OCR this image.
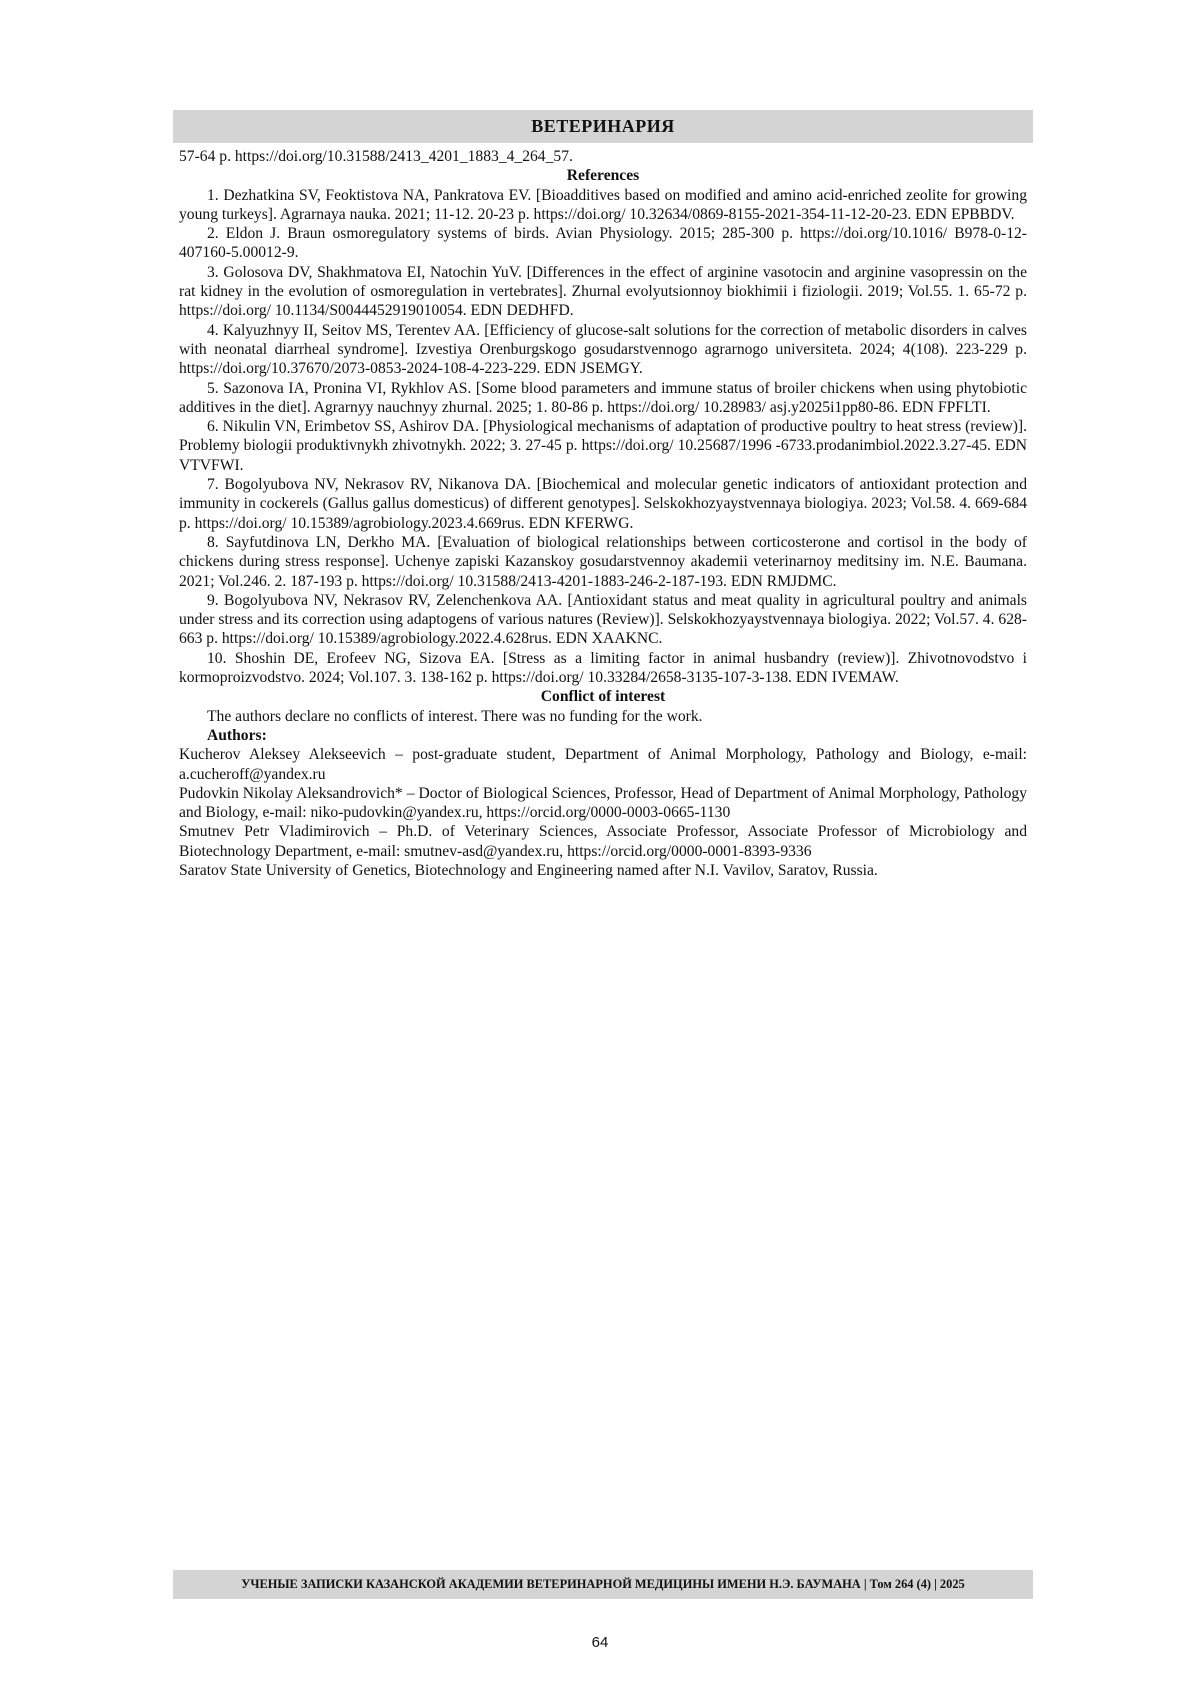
ВЕТЕРИНАРИЯ

57-64 p. https://doi.org/10.31588/2413_4201_1883_4_264_57.

References

1. Dezhatkina SV, Feoktistova NA, Pankratova EV. [Bioadditives based on modified and amino acid-enriched zeolite for growing young turkeys]. Agrarnaya nauka. 2021; 11-12. 20-23 p. https://doi.org/ 10.32634/0869-8155-2021-354-11-12-20-23. EDN EPBBDV.

2. Eldon J. Braun osmoregulatory systems of birds. Avian Physiology. 2015; 285-300 p. https://doi.org/10.1016/ B978-0-12-407160-5.00012-9.

3. Golosova DV, Shakhmatova EI, Natochin YuV. [Differences in the effect of arginine vasotocin and arginine vasopressin on the rat kidney in the evolution of osmoregulation in vertebrates]. Zhurnal evolyutsionnoy biokhimii i fiziologii. 2019; Vol.55. 1. 65-72 p. https://doi.org/ 10.1134/S0044452919010054. EDN DEDHFD.

4. Kalyuzhnyy II, Seitov MS, Terentev AA. [Efficiency of glucose-salt solutions for the correction of metabolic disorders in calves with neonatal diarrheal syndrome]. Izvestiya Orenburgskogo gosudarstvennogo agrarnogo universiteta. 2024; 4(108). 223-229 p. https://doi.org/10.37670/2073-0853-2024-108-4-223-229. EDN JSEMGY.

5. Sazonova IA, Pronina VI, Rykhlov AS. [Some blood parameters and immune status of broiler chickens when using phytobiotic additives in the diet]. Agrarnyy nauchnyy zhurnal. 2025; 1. 80-86 p. https://doi.org/ 10.28983/ asj.y2025i1pp80-86. EDN FPFLTI.

6. Nikulin VN, Erimbetov SS, Ashirov DA. [Physiological mechanisms of adaptation of productive poultry to heat stress (review)]. Problemy biologii produktivnykh zhivotnykh. 2022; 3. 27-45 p. https://doi.org/ 10.25687/1996 -6733.prodanimbiol.2022.3.27-45. EDN VTVFWI.

7. Bogolyubova NV, Nekrasov RV, Nikanova DA. [Biochemical and molecular genetic indicators of antioxidant protection and immunity in cockerels (Gallus gallus domesticus) of different genotypes]. Selskokhozyaystvennaya biologiya. 2023; Vol.58. 4. 669-684 p. https://doi.org/ 10.15389/agrobiology.2023.4.669rus. EDN KFERWG.

8. Sayfutdinova LN, Derkho MA. [Evaluation of biological relationships between corticosterone and cortisol in the body of chickens during stress response]. Uchenye zapiski Kazanskoy gosudarstvennoy akademii veterinarnoy meditsiny im. N.E. Baumana. 2021; Vol.246. 2. 187-193 p. https://doi.org/ 10.31588/2413-4201-1883-246-2-187-193. EDN RMJDMC.

9. Bogolyubova NV, Nekrasov RV, Zelenchenkova AA. [Antioxidant status and meat quality in agricultural poultry and animals under stress and its correction using adaptogens of various natures (Review)]. Selskokhozyaystvennaya biologiya. 2022; Vol.57. 4. 628-663 p. https://doi.org/ 10.15389/agrobiology.2022.4.628rus. EDN XAAKNC.

10. Shoshin DE, Erofeev NG, Sizova EA. [Stress as a limiting factor in animal husbandry (review)]. Zhivotnovodstvo i kormoproizvodstvo. 2024; Vol.107. 3. 138-162 p. https://doi.org/ 10.33284/2658-3135-107-3-138. EDN IVEMAW.

Conflict of interest

The authors declare no conflicts of interest. There was no funding for the work.

Authors:

Kucherov Aleksey Alekseevich – post-graduate student, Department of Animal Morphology, Pathology and Biology, e-mail: a.cucheroff@yandex.ru

Pudovkin Nikolay Aleksandrovich* – Doctor of Biological Sciences, Professor, Head of Department of Animal Morphology, Pathology and Biology, e-mail: niko-pudovkin@yandex.ru, https://orcid.org/0000-0003-0665-1130

Smutnev Petr Vladimirovich – Ph.D. of Veterinary Sciences, Associate Professor, Associate Professor of Microbiology and Biotechnology Department, e-mail: smutnev-asd@yandex.ru, https://orcid.org/0000-0001-8393-9336

Saratov State University of Genetics, Biotechnology and Engineering named after N.I. Vavilov, Saratov, Russia.

УЧЕНЫЕ ЗАПИСКИ КАЗАНСКОЙ АКАДЕМИИ ВЕТЕРИНАРНОЙ МЕДИЦИНЫ ИМЕНИ Н.Э. БАУМАНА | Том 264 (4) | 2025
64
